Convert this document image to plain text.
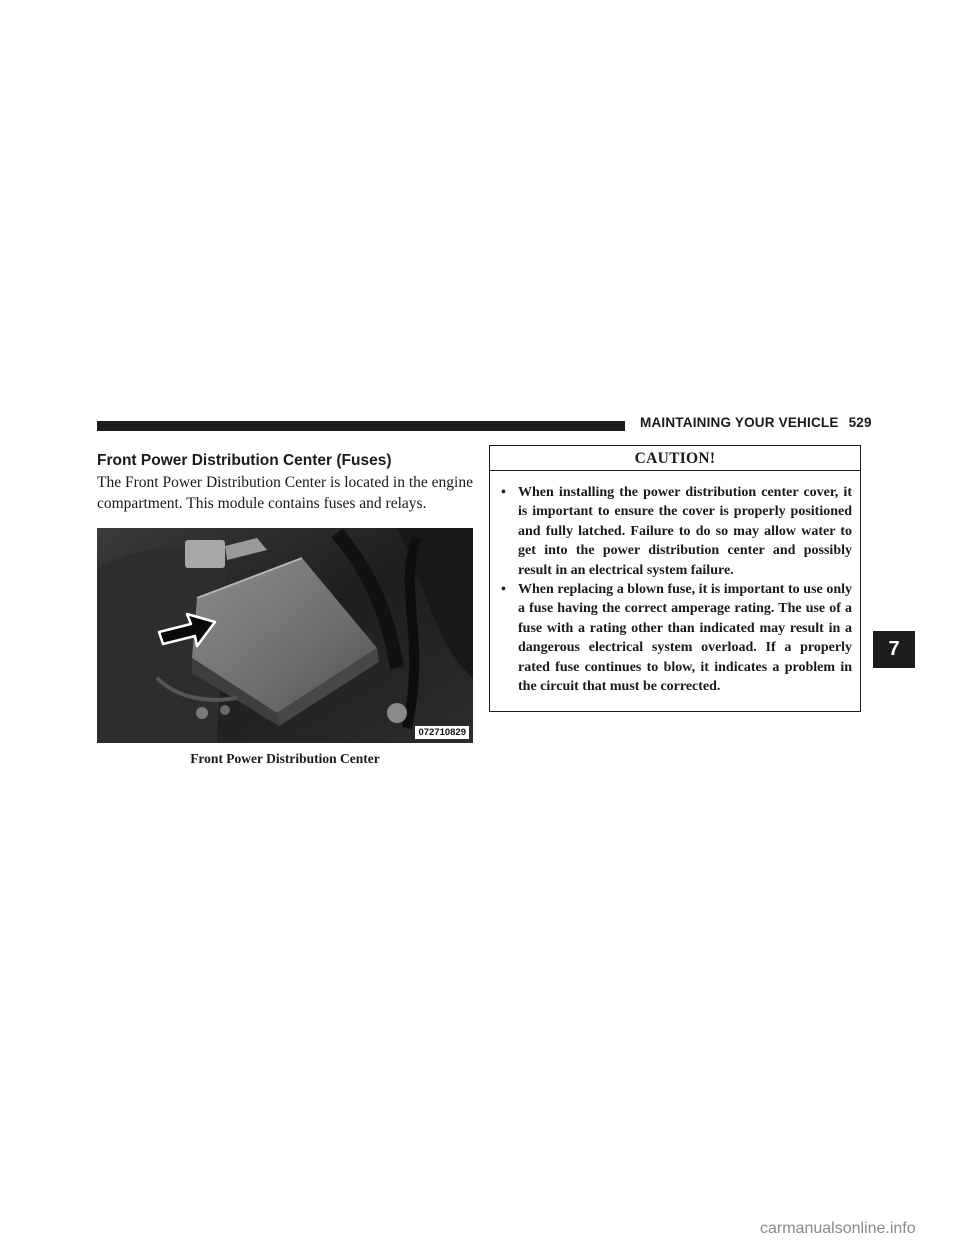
MAINTAINING YOUR VEHICLE 529
Front Power Distribution Center (Fuses)
The Front Power Distribution Center is located in the engine compartment. This module contains fuses and relays.
072710829
Front Power Distribution Center
CAUTION!
• When installing the power distribution center cover, it is important to ensure the cover is properly positioned and fully latched. Failure to do so may allow water to get into the power distribution center and possibly result in an electrical system failure.
• When replacing a blown fuse, it is important to use only a fuse having the correct amperage rating. The use of a fuse with a rating other than indicated may result in a dangerous electrical system overload. If a properly rated fuse continues to blow, it indicates a problem in the circuit that must be corrected.
7
carmanualsonline.info
